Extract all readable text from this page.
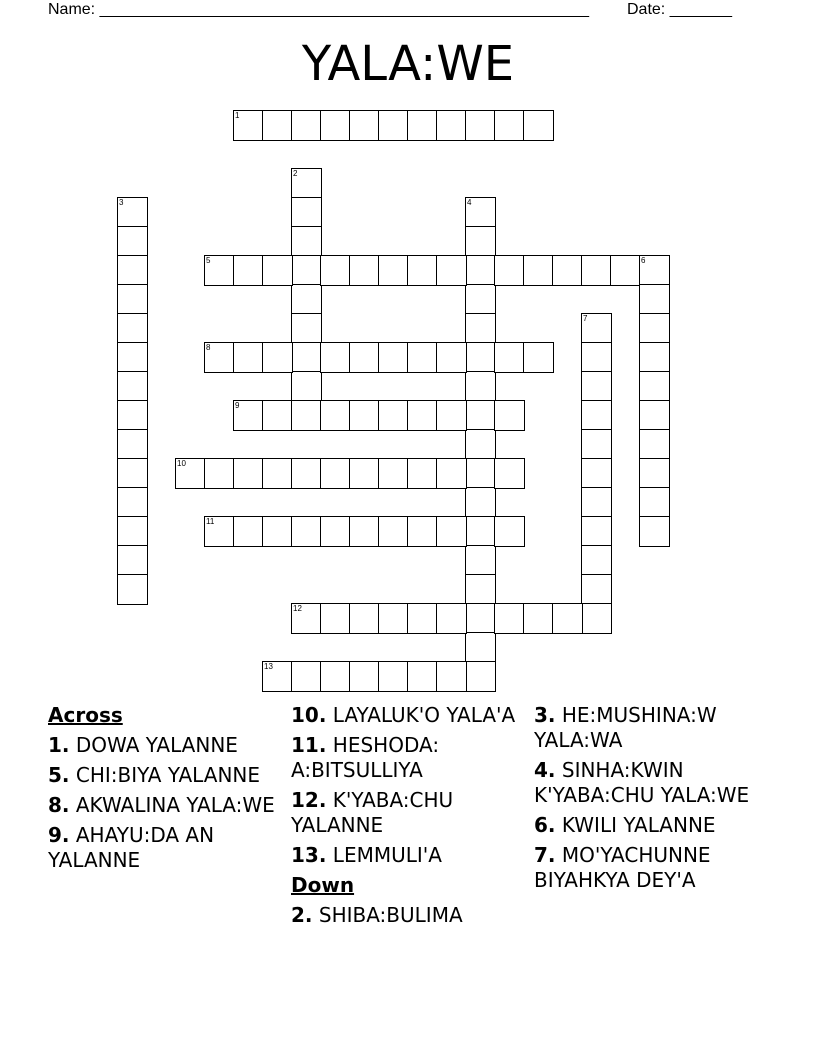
Name: _______________________________________________________ Date: _______
YALA:WE
1
2
3	4
5	6
7
8
9
10
11
12
13
Across
1. DOWA YALANNE
5. CHI:BIYA YALANNE
8. AKWALINA YALA:WE
9. AHAYU:DA AN YALANNE
10. LAYALUK'O YALA'A
11. HESHODA: A:BITSULLIYA
12. K'YABA:CHU YALANNE
13. LEMMULI'A
Down
2. SHIBA:BULIMA
3. HE:MUSHINA:W YALA:WA
4. SINHA:KWIN K'YABA:CHU YALA:WE
6. KWILI YALANNE
7. MO'YACHUNNE BIYAHKYA DEY'A
